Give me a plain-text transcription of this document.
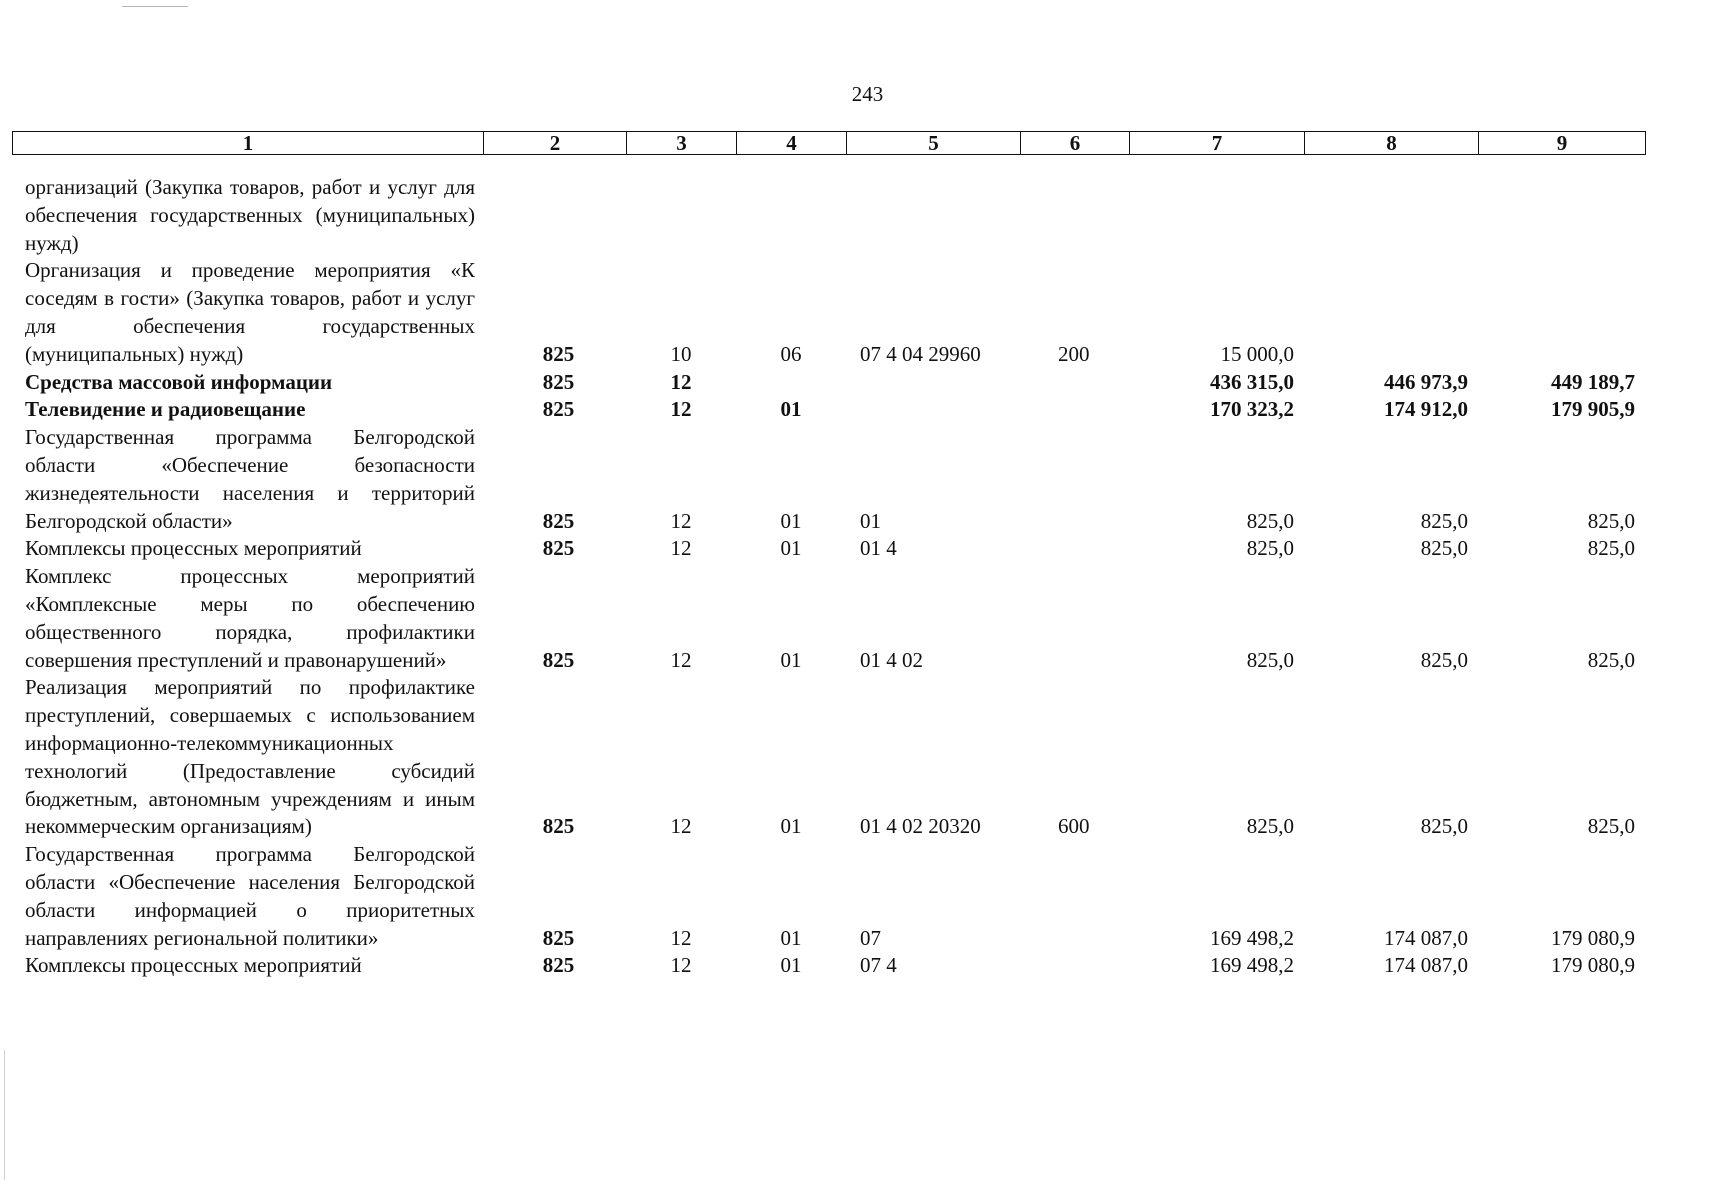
243
1	2	3	4	5	6	7	8	9
организаций (Закупка товаров, работ и услуг для обеспечения государственных (муниципальных) нужд)								
Организация и проведение мероприятия «К соседям в гости» (Закупка товаров, работ и услуг для обеспечения государственных (муниципальных) нужд)	825	10	06	07 4 04 29960	200	15 000,0		
Средства массовой информации	825	12				436 315,0	446 973,9	449 189,7
Телевидение и радиовещание	825	12	01			170 323,2	174 912,0	179 905,9
Государственная программа Белгородской области «Обеспечение безопасности жизнедеятельности населения и территорий Белгородской области»	825	12	01	01		825,0	825,0	825,0
Комплексы процессных мероприятий	825	12	01	01 4		825,0	825,0	825,0
Комплекс процессных мероприятий «Комплексные меры по обеспечению общественного порядка, профилактики совершения преступлений и правонарушений»	825	12	01	01 4 02		825,0	825,0	825,0
Реализация мероприятий по профилактике преступлений, совершаемых с использованием информационно-телекоммуникационных технологий (Предоставление субсидий бюджетным, автономным учреждениям и иным некоммерческим организациям)	825	12	01	01 4 02 20320	600	825,0	825,0	825,0
Государственная программа Белгородской области «Обеспечение населения Белгородской области информацией о приоритетных направлениях региональной политики»	825	12	01	07		169 498,2	174 087,0	179 080,9
Комплексы процессных мероприятий	825	12	01	07 4		169 498,2	174 087,0	179 080,9
